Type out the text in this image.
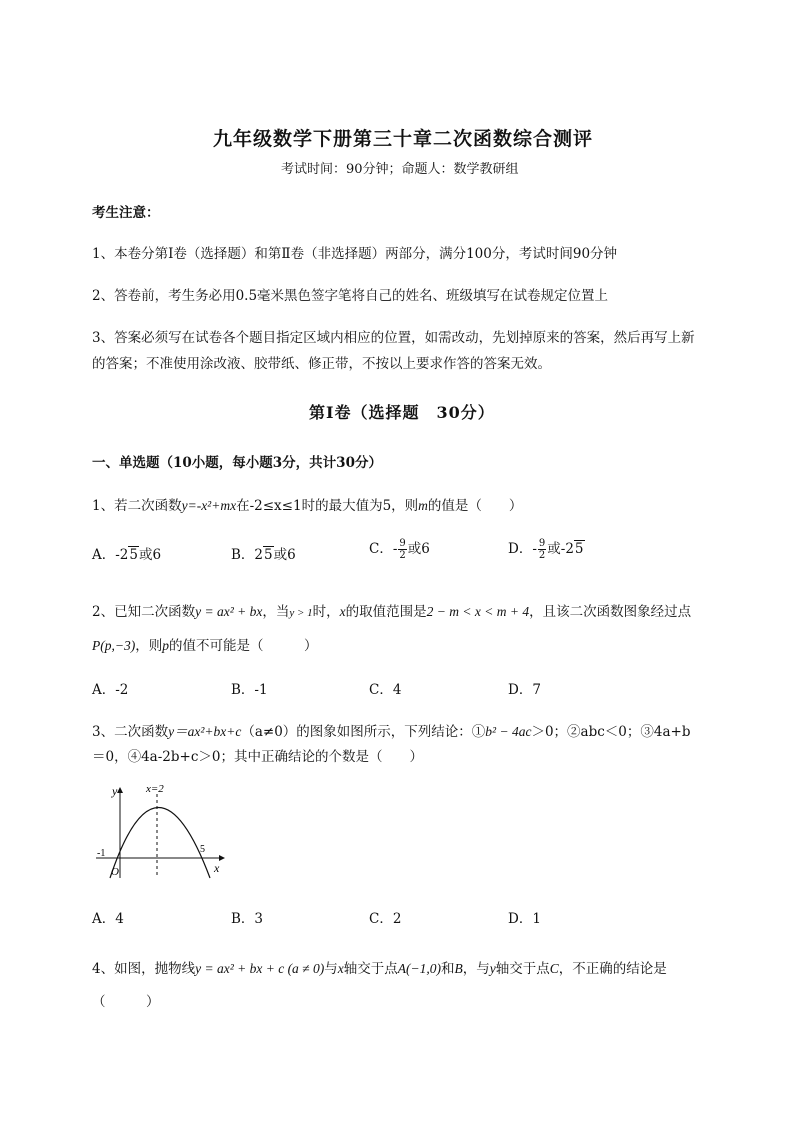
九年级数学下册第三十章二次函数综合测评
考试时间：90分钟；命题人：数学教研组
考生注意：
1、本卷分第Ⅰ卷（选择题）和第Ⅱ卷（非选择题）两部分，满分100分，考试时间90分钟
2、答卷前，考生务必用0.5毫米黑色签字笔将自己的姓名、班级填写在试卷规定位置上
3、答案必须写在试卷各个题目指定区域内相应的位置，如需改动，先划掉原来的答案，然后再写上新
的答案；不准使用涂改液、胶带纸、修正带，不按以上要求作答的答案无效。
第Ⅰ卷（选择题　30分）
一、单选题（10小题，每小题3分，共计30分）
1、若二次函数y=-x²+mx在-2≤x≤1时的最大值为5，则m的值是（　　）
A．-25或6	B．25或6	C．- $\frac{9}{2}$ 或6	D．- $\frac{9}{2}$ 或-25
2、已知二次函数y = ax² + bx，当y > 1时，x的取值范围是2 − m < x < m + 4，且该二次函数图象经过点
P(p,−3)，则p的值不可能是（　　　）
A．-2	B．-1	C．4	D．7
3、二次函数y＝ax²+bx+c（a≠0）的图象如图所示，下列结论：①b² − 4ac＞0；②abc＜0；③4a+b
＝0，④4a-2b+c＞0；其中正确结论的个数是（　　）
x=2
y
x
O
-1	5
A．4	B．3	C．2	D．1
4、如图，抛物线y = ax² + bx + c (a ≠ 0)与x轴交于点A(−1,0)和B，与y轴交于点C，不正确的结论是
（　　　）
